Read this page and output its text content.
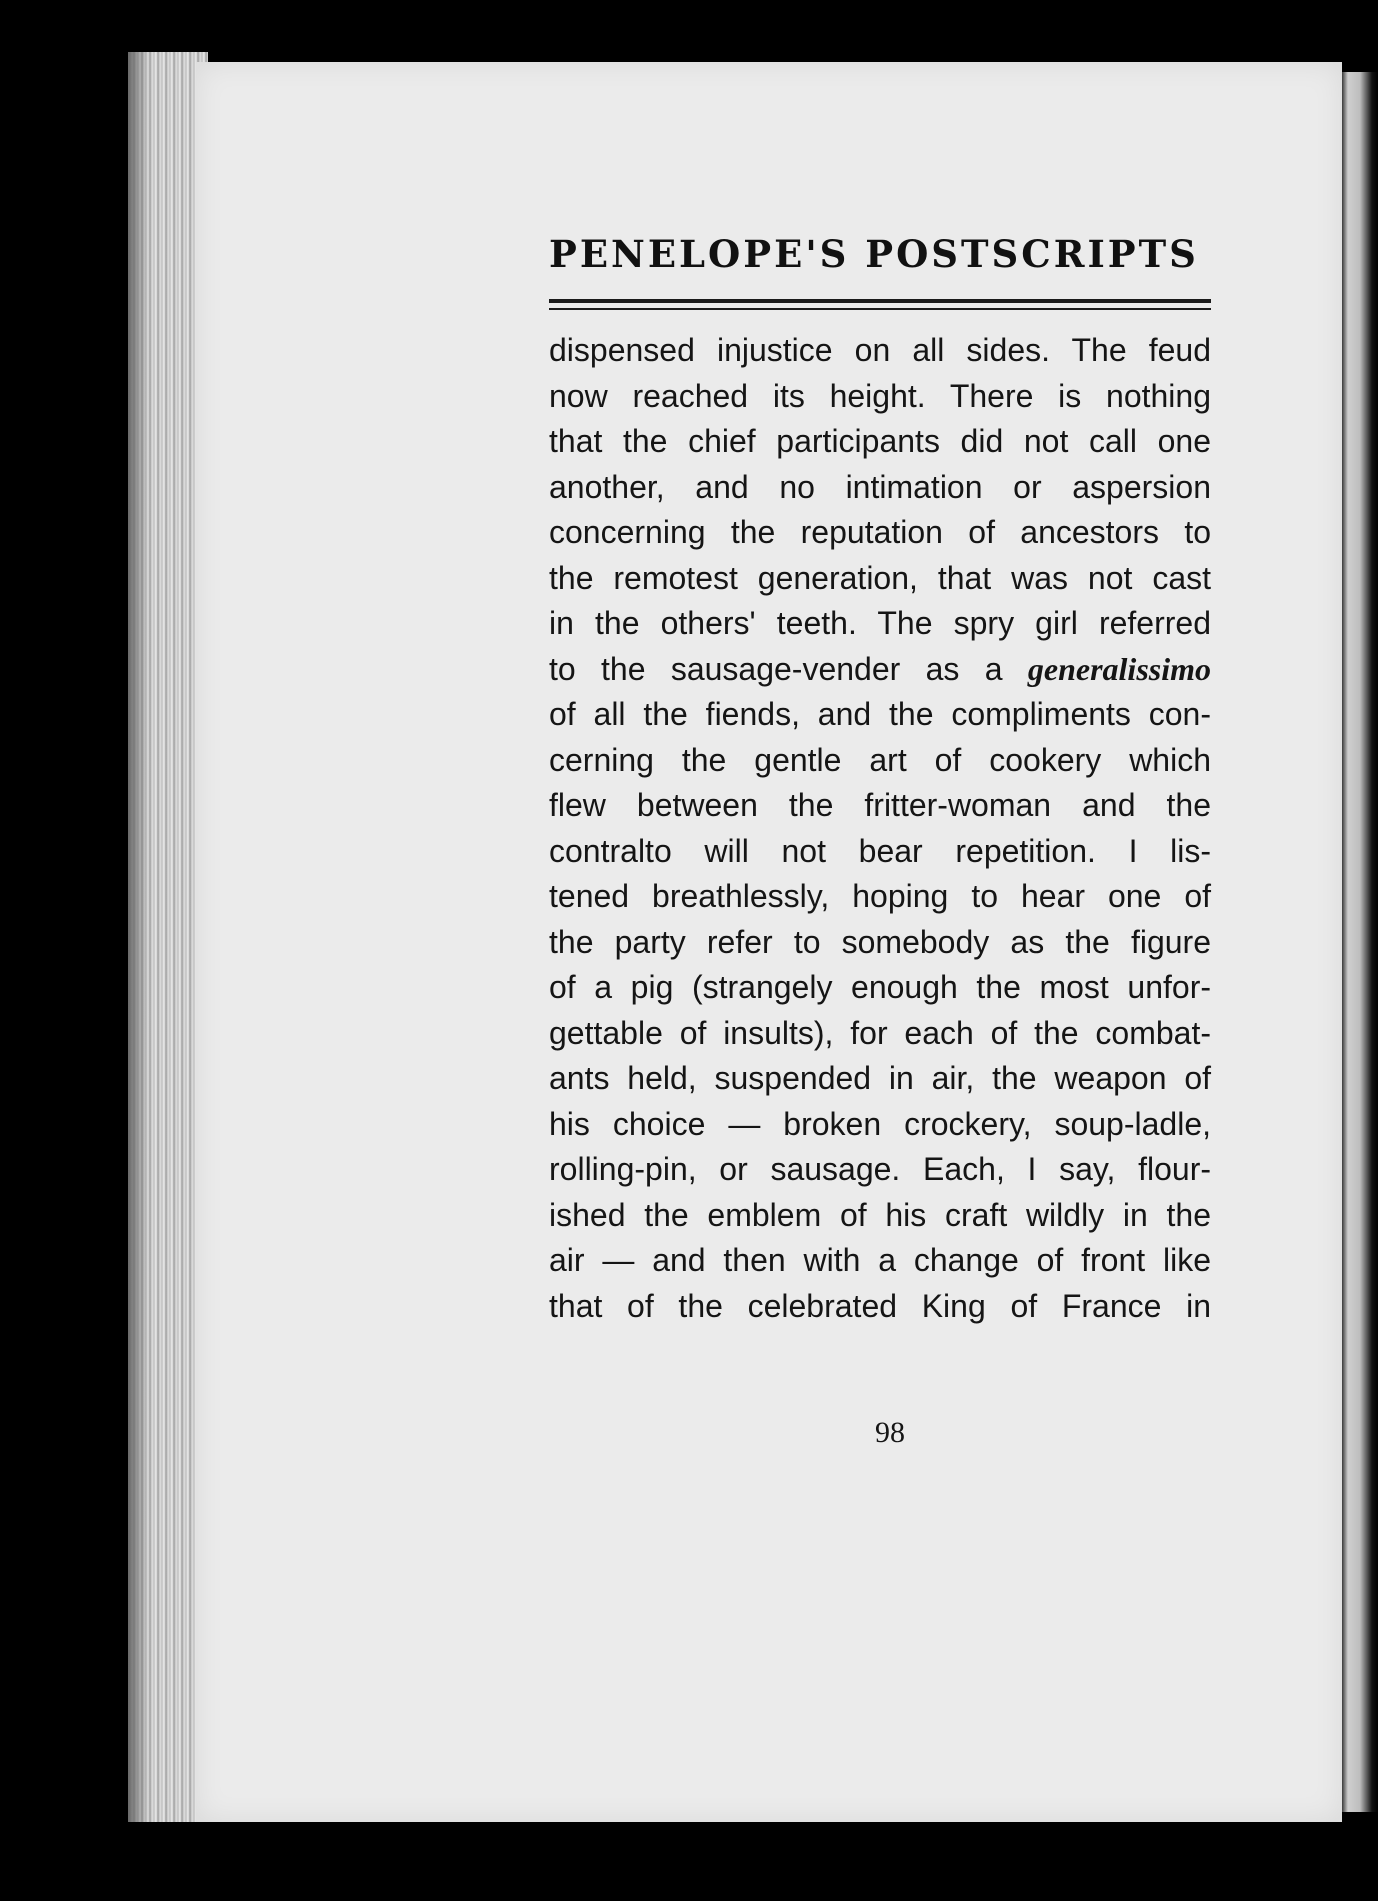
PENELOPE'S POSTSCRIPTS
dispensed injustice on all sides. The feud
now reached its height. There is nothing
that the chief participants did not call one
another, and no intimation or aspersion
concerning the reputation of ancestors to
the remotest generation, that was not cast
in the others' teeth. The spry girl referred
to the sausage-vender as a generalissimo
of all the fiends, and the compliments con-
cerning the gentle art of cookery which
flew between the fritter-woman and the
contralto will not bear repetition. I lis-
tened breathlessly, hoping to hear one of
the party refer to somebody as the figure
of a pig (strangely enough the most unfor-
gettable of insults), for each of the combat-
ants held, suspended in air, the weapon of
his choice — broken crockery, soup-ladle,
rolling-pin, or sausage. Each, I say, flour-
ished the emblem of his craft wildly in the
air — and then with a change of front like
that of the celebrated King of France in
98
